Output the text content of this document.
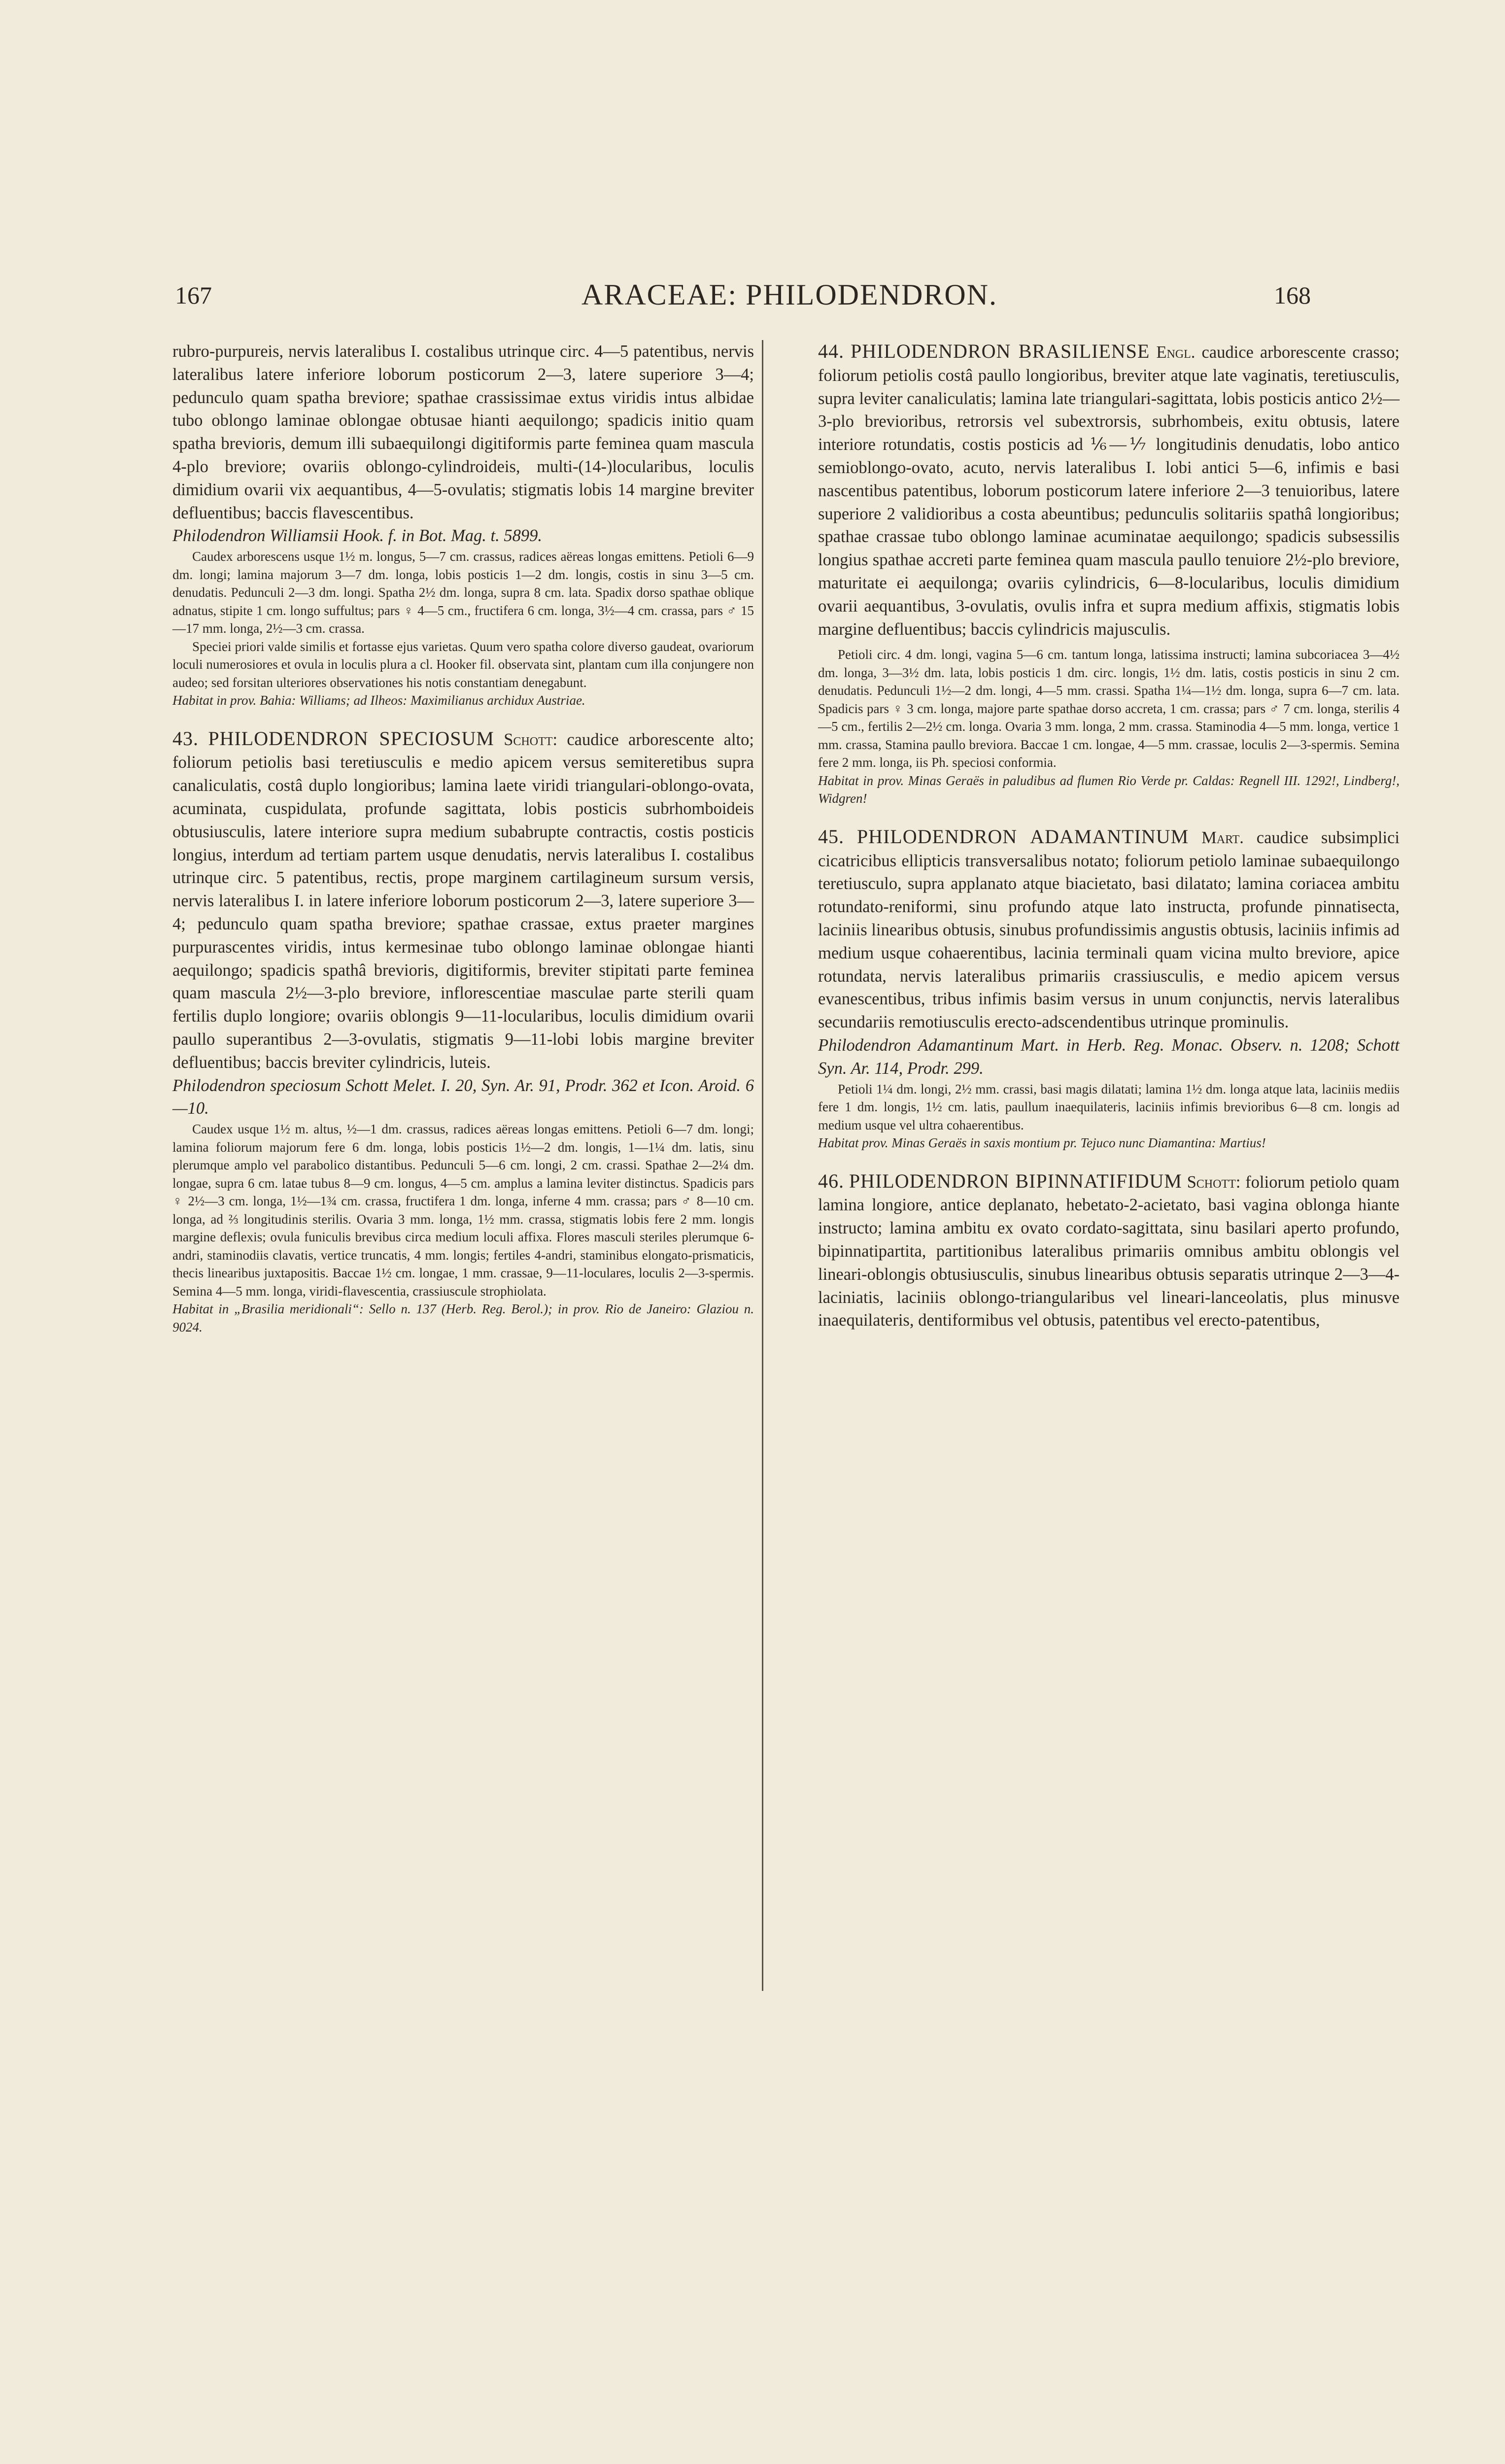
167	ARACEAE: PHILODENDRON.	168

rubro-purpureis, nervis lateralibus I. costalibus utrinque circ. 4—5 patentibus, nervis lateralibus latere inferiore loborum posticorum 2—3, latere superiore 3—4; pedunculo quam spatha breviore; spathae crassissimae extus viridis intus albidae tubo oblongo laminae oblongae obtusae hianti aequilongo; spadicis initio quam spatha brevioris, demum illi subaequilongi digitiformis parte feminea quam mascula 4-plo breviore; ovariis oblongo-cylindroideis, multi-(14-)locularibus, loculis dimidium ovarii vix aequantibus, 4—5-ovulatis; stigmatis lobis 14 margine breviter defluentibus; baccis flavescentibus.

Philodendron Williamsii Hook. f. in Bot. Mag. t. 5899.

Caudex arborescens usque 1½ m. longus, 5—7 cm. crassus, radices aëreas longas emittens. Petioli 6—9 dm. longi; lamina majorum 3—7 dm. longa, lobis posticis 1—2 dm. longis, costis in sinu 3—5 cm. denudatis. Pedunculi 2—3 dm. longi. Spatha 2½ dm. longa, supra 8 cm. lata. Spadix dorso spathae oblique adnatus, stipite 1 cm. longo suffultus; pars ♀ 4—5 cm., fructifera 6 cm. longa, 3½—4 cm. crassa, pars ♂ 15—17 mm. longa, 2½—3 cm. crassa.

Speciei priori valde similis et fortasse ejus varietas. Quum vero spatha colore diverso gaudeat, ovariorum loculi numerosiores et ovula in loculis plura a cl. Hooker fil. observata sint, plantam cum illa conjungere non audeo; sed forsitan ulteriores observationes his notis constantiam denegabunt.

Habitat in prov. Bahia: Williams; ad Ilheos: Maximilianus archidux Austriae.

43. PHILODENDRON SPECIOSUM Schott: caudice arborescente alto; foliorum petiolis basi teretiusculis e medio apicem versus semiteretibus supra canaliculatis, costâ duplo longioribus; lamina laete viridi triangulari-oblongo-ovata, acuminata, cuspidulata, profunde sagittata, lobis posticis subrhomboideis obtusiusculis, latere interiore supra medium subabrupte contractis, costis posticis longius, interdum ad tertiam partem usque denudatis, nervis lateralibus I. costalibus utrinque circ. 5 patentibus, rectis, prope marginem cartilagineum sursum versis, nervis lateralibus I. in latere inferiore loborum posticorum 2—3, latere superiore 3—4; pedunculo quam spatha breviore; spathae crassae, extus praeter margines purpurascentes viridis, intus kermesinae tubo oblongo laminae oblongae hianti aequilongo; spadicis spathâ brevioris, digitiformis, breviter stipitati parte feminea quam mascula 2½—3-plo breviore, inflorescentiae masculae parte sterili quam fertilis duplo longiore; ovariis oblongis 9—11-locularibus, loculis dimidium ovarii paullo superantibus 2—3-ovulatis, stigmatis 9—11-lobi lobis margine breviter defluentibus; baccis breviter cylindricis, luteis.

Philodendron speciosum Schott Melet. I. 20, Syn. Ar. 91, Prodr. 362 et Icon. Aroid. 6—10.

Caudex usque 1½ m. altus, ½—1 dm. crassus, radices aëreas longas emittens. Petioli 6—7 dm. longi; lamina foliorum majorum fere 6 dm. longa, lobis posticis 1½—2 dm. longis, 1—1¼ dm. latis, sinu plerumque amplo vel parabolico distantibus. Pedunculi 5—6 cm. longi, 2 cm. crassi. Spathae 2—2¼ dm. longae, supra 6 cm. latae tubus 8—9 cm. longus, 4—5 cm. amplus a lamina leviter distinctus. Spadicis pars ♀ 2½—3 cm. longa, 1½—1¾ cm. crassa, fructifera 1 dm. longa, inferne 4 mm. crassa; pars ♂ 8—10 cm. longa, ad ⅔ longitudinis sterilis. Ovaria 3 mm. longa, 1½ mm. crassa, stigmatis lobis fere 2 mm. longis margine deflexis; ovula funiculis brevibus circa medium loculi affixa. Flores masculi steriles plerumque 6-andri, staminodiis clavatis, vertice truncatis, 4 mm. longis; fertiles 4-andri, staminibus elongato-prismaticis, thecis linearibus juxtapositis. Baccae 1½ cm. longae, 1 mm. crassae, 9—11-loculares, loculis 2—3-spermis. Semina 4—5 mm. longa, viridi-flavescentia, crassiuscule strophiolata.

Habitat in „Brasilia meridionali“: Sello n. 137 (Herb. Reg. Berol.); in prov. Rio de Janeiro: Glaziou n. 9024.

44. PHILODENDRON BRASILIENSE Engl. caudice arborescente crasso; foliorum petiolis costâ paullo longioribus, breviter atque late vaginatis, teretiusculis, supra leviter canaliculatis; lamina late triangulari-sagittata, lobis posticis antico 2½—3-plo brevioribus, retrorsis vel subextrorsis, subrhombeis, exitu obtusis, latere interiore rotundatis, costis posticis ad ⅙—⅐ longitudinis denudatis, lobo antico semioblongo-ovato, acuto, nervis lateralibus I. lobi antici 5—6, infimis e basi nascentibus patentibus, loborum posticorum latere inferiore 2—3 tenuioribus, latere superiore 2 validioribus a costa abeuntibus; pedunculis solitariis spathâ longioribus; spathae crassae tubo oblongo laminae acuminatae aequilongo; spadicis subsessilis longius spathae accreti parte feminea quam mascula paullo tenuiore 2½-plo breviore, maturitate ei aequilonga; ovariis cylindricis, 6—8-locularibus, loculis dimidium ovarii aequantibus, 3-ovulatis, ovulis infra et supra medium affixis, stigmatis lobis margine defluentibus; baccis cylindricis majusculis.

Petioli circ. 4 dm. longi, vagina 5—6 cm. tantum longa, latissima instructi; lamina subcoriacea 3—4½ dm. longa, 3—3½ dm. lata, lobis posticis 1 dm. circ. longis, 1½ dm. latis, costis posticis in sinu 2 cm. denudatis. Pedunculi 1½—2 dm. longi, 4—5 mm. crassi. Spatha 1¼—1½ dm. longa, supra 6—7 cm. lata. Spadicis pars ♀ 3 cm. longa, majore parte spathae dorso accreta, 1 cm. crassa; pars ♂ 7 cm. longa, sterilis 4—5 cm., fertilis 2—2½ cm. longa. Ovaria 3 mm. longa, 2 mm. crassa. Staminodia 4—5 mm. longa, vertice 1 mm. crassa, Stamina paullo breviora. Baccae 1 cm. longae, 4—5 mm. crassae, loculis 2—3-spermis. Semina fere 2 mm. longa, iis Ph. speciosi conformia.

Habitat in prov. Minas Geraës in paludibus ad flumen Rio Verde pr. Caldas: Regnell III. 1292!, Lindberg!, Widgren!

45. PHILODENDRON ADAMANTINUM Mart. caudice subsimplici cicatricibus ellipticis transversalibus notato; foliorum petiolo laminae subaequilongo teretiusculo, supra applanato atque biacietato, basi dilatato; lamina coriacea ambitu rotundato-reniformi, sinu profundo atque lato instructa, profunde pinnatisecta, laciniis linearibus obtusis, sinubus profundissimis angustis obtusis, laciniis infimis ad medium usque cohaerentibus, lacinia terminali quam vicina multo breviore, apice rotundata, nervis lateralibus primariis crassiusculis, e medio apicem versus evanescentibus, tribus infimis basim versus in unum conjunctis, nervis lateralibus secundariis remotiusculis erecto-adscendentibus utrinque prominulis.

Philodendron Adamantinum Mart. in Herb. Reg. Monac. Observ. n. 1208; Schott Syn. Ar. 114, Prodr. 299.

Petioli 1¼ dm. longi, 2½ mm. crassi, basi magis dilatati; lamina 1½ dm. longa atque lata, laciniis mediis fere 1 dm. longis, 1½ cm. latis, paullum inaequilateris, laciniis infimis brevioribus 6—8 cm. longis ad medium usque vel ultra cohaerentibus.

Habitat prov. Minas Geraës in saxis montium pr. Tejuco nunc Diamantina: Martius!

46. PHILODENDRON BIPINNATIFIDUM Schott: foliorum petiolo quam lamina longiore, antice deplanato, hebetato-2-acietato, basi vagina oblonga hiante instructo; lamina ambitu ex ovato cordato-sagittata, sinu basilari aperto profundo, bipinnatipartita, partitionibus lateralibus primariis omnibus ambitu oblongis vel lineari-oblongis obtusiusculis, sinubus linearibus obtusis separatis utrinque 2—3—4-laciniatis, laciniis oblongo-triangularibus vel lineari-lanceolatis, plus minusve inaequilateris, dentiformibus vel obtusis, patentibus vel erecto-patentibus,
